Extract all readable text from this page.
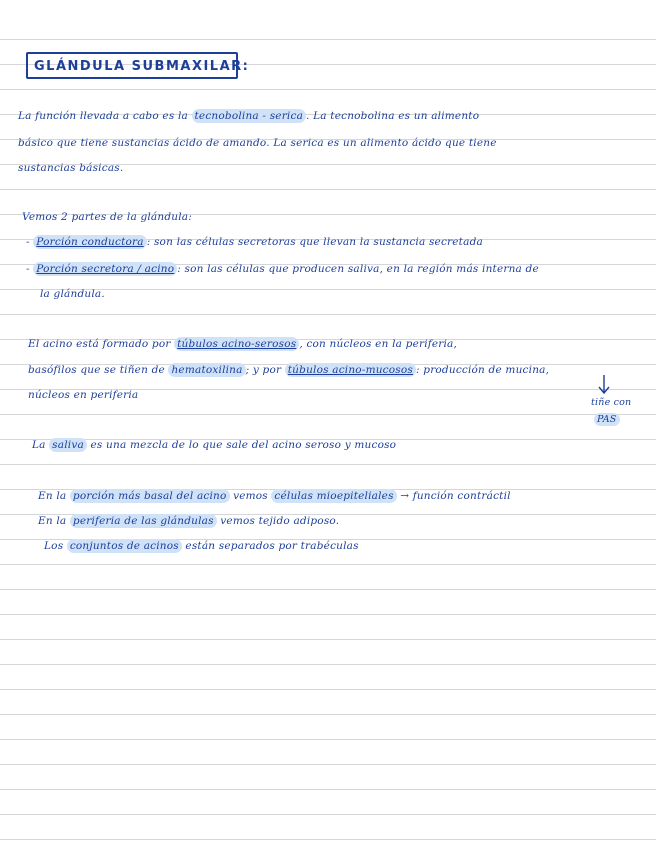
GLÁNDULA SUBMAXILAR:
La función llevada a cabo es la tecnobolina - serica . La tecnobolina es un alimento
básico que tiene sustancias ácido de amando. La serica es un alimento ácido que tiene
sustancias básicas.
Vemos 2 partes de la glándula:
- Porción conductora : son las células secretoras que llevan la sustancia secretada
- Porción secretora / acino : son las células que producen saliva, en la región más interna de
la glándula.
El acino está formado por túbulos acino-serosos , con núcleos en la periferia,
basófilos que se tiñen de hematoxilina ; y por túbulos acino-mucosos : producción de mucina,
núcleos en periferia
tiñe con
PAS
La saliva es una mezcla de lo que sale del acino seroso y mucoso
En la porción más basal del acino vemos células mioepiteliales → función contráctil
En la periferia de las glándulas vemos tejido adiposo.
Los conjuntos de acinos están separados por trabéculas
